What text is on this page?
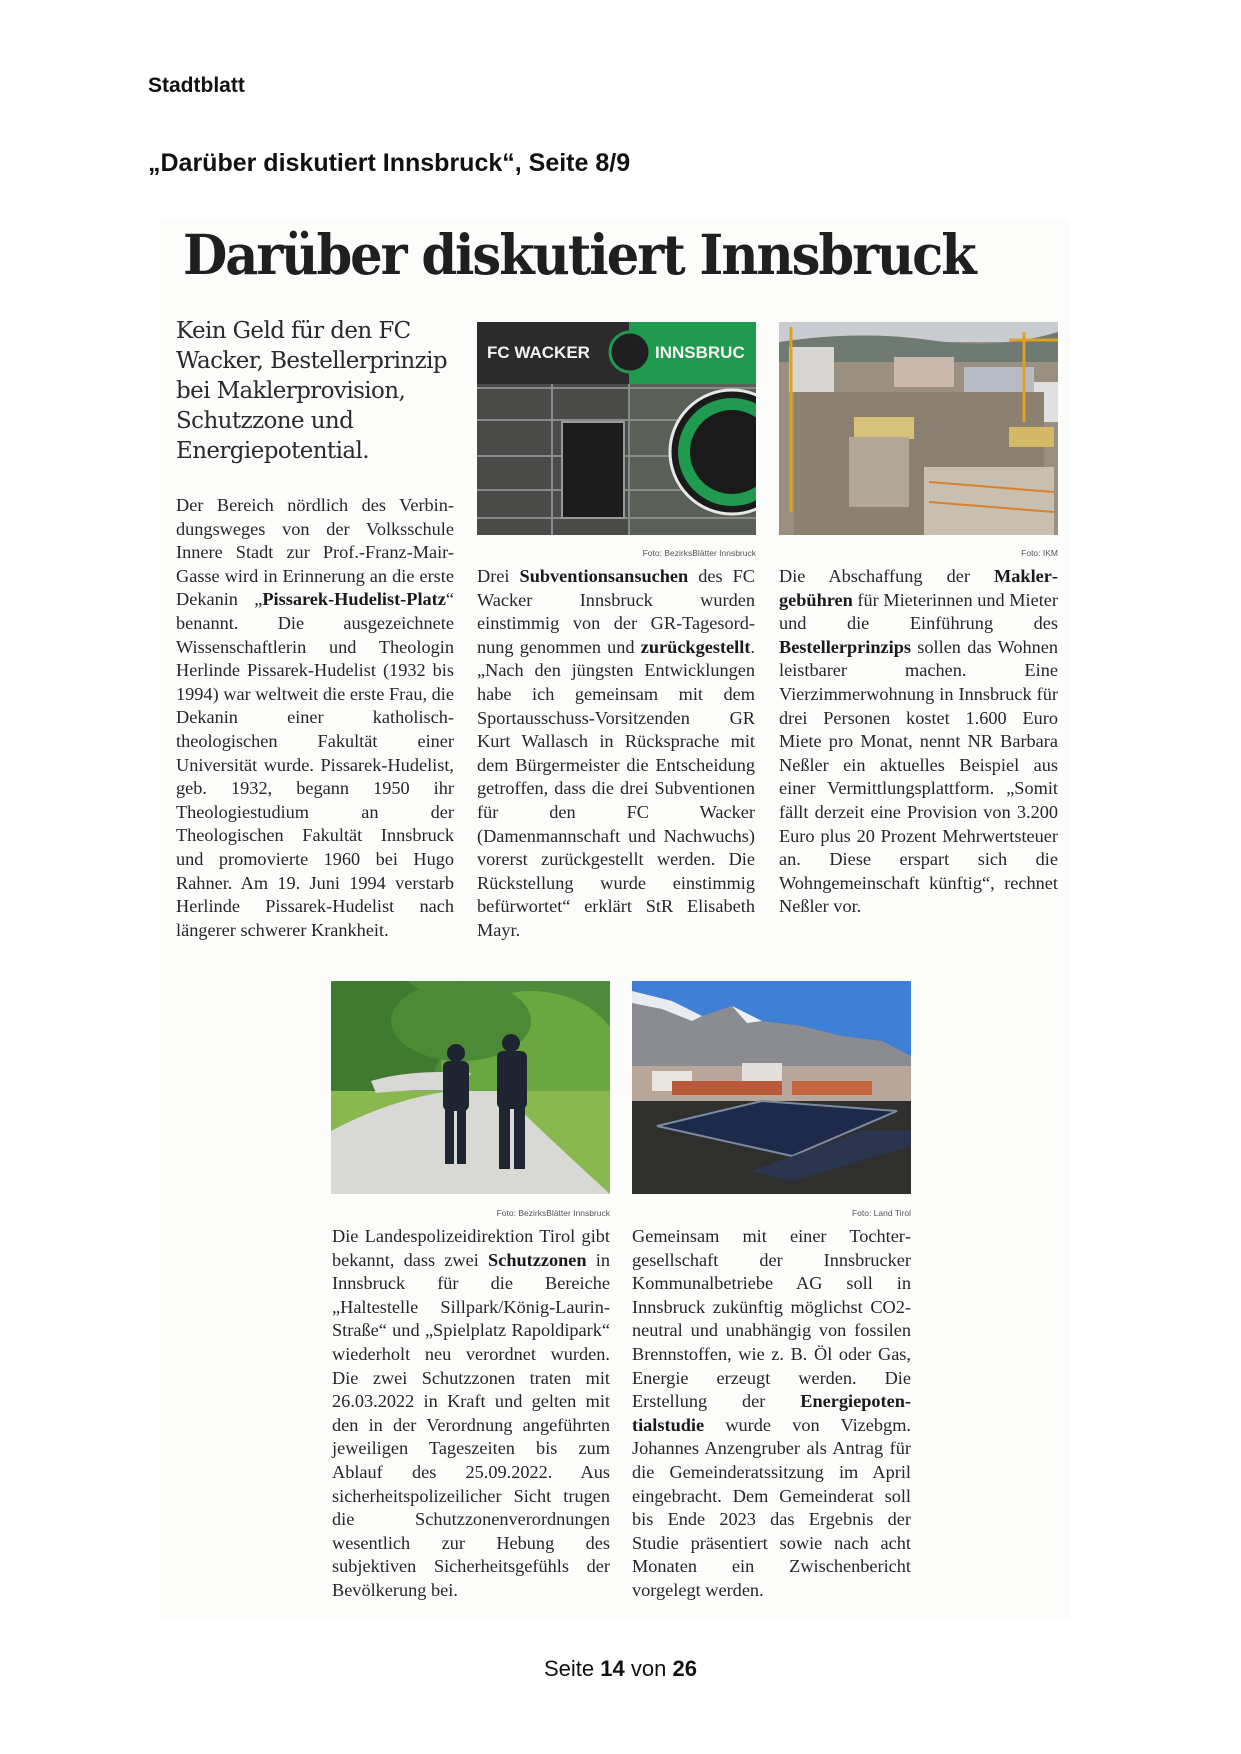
Stadtblatt
„Darüber diskutiert Innsbruck“, Seite 8/9
Darüber diskutiert Innsbruck
Kein Geld für den FC Wacker, Bestellerprinzip bei Maklerprovision, Schutzzone und Energiepotential.
Der Bereich nördlich des Verbindungsweges von der Volksschule Innere Stadt zur Prof.-Franz-Mair-Gasse wird in Erinnerung an die erste Dekanin „Pissarek-Hudelist-Platz“ benannt. Die ausgezeichnete Wissenschaftlerin und Theologin Herlinde Pissarek-Hudelist (1932 bis 1994) war weltweit die erste Frau, die Dekanin einer katholisch-theologischen Fakultät einer Universität wurde. Pissarek-Hudelist, geb. 1932, begann 1950 ihr Theologiestudium an der Theologischen Fakultät Innsbruck und promovierte 1960 bei Hugo Rahner. Am 19. Juni 1994 verstarb Herlinde Pissarek-Hudelist nach längerer schwerer Krankheit.
FC WACKER	INNSBRUC
Foto: BezirksBlätter Innsbruck
Drei Subventionsansuchen des FC Wacker Innsbruck wurden einstimmig von der GR-Tagesordnung genommen und zurückgestellt. „Nach den jüngsten Entwicklungen habe ich gemeinsam mit dem Sportausschuss-Vorsitzenden GR Kurt Wallasch in Rücksprache mit dem Bürgermeister die Entscheidung getroffen, dass die drei Subventionen für den FC Wacker (Damenmannschaft und Nachwuchs) vorerst zurückgestellt werden. Die Rückstellung wurde einstimmig befürwortet“ erklärt StR Elisabeth Mayr.
Foto: IKM
Die Abschaffung der Maklergebühren für Mieterinnen und Mieter und die Einführung des Bestellerprinzips sollen das Wohnen leistbarer machen. Eine Vierzimmerwohnung in Innsbruck für drei Personen kostet 1.600 Euro Miete pro Monat, nennt NR Barbara Neßler ein aktuelles Beispiel aus einer Vermittlungsplattform. „Somit fällt derzeit eine Provision von 3.200 Euro plus 20 Prozent Mehrwertsteuer an. Diese erspart sich die Wohngemeinschaft künftig“, rechnet Neßler vor.
Foto: BezirksBlätter Innsbruck
Die Landespolizeidirektion Tirol gibt bekannt, dass zwei Schutzzonen in Innsbruck für die Bereiche „Haltestelle Sillpark/König-Laurin-Straße“ und „Spielplatz Rapoldipark“ wiederholt neu verordnet wurden. Die zwei Schutzzonen traten mit 26.03.2022 in Kraft und gelten mit den in der Verordnung angeführten jeweiligen Tageszeiten bis zum Ablauf des 25.09.2022. Aus sicherheitspolizeilicher Sicht trugen die Schutzzonenverordnungen wesentlich zur Hebung des subjektiven Sicherheitsgefühls der Bevölkerung bei.
Foto: Land Tirol
Gemeinsam mit einer Tochtergesellschaft der Innsbrucker Kommunalbetriebe AG soll in Innsbruck zukünftig möglichst CO2-neutral und unabhängig von fossilen Brennstoffen, wie z. B. Öl oder Gas, Energie erzeugt werden. Die Erstellung der Energiepotentialstudie wurde von Vizebgm. Johannes Anzengruber als Antrag für die Gemeinderatssitzung im April eingebracht. Dem Gemeinderat soll bis Ende 2023 das Ergebnis der Studie präsentiert sowie nach acht Monaten ein Zwischenbericht vorgelegt werden.
Seite 14 von 26
